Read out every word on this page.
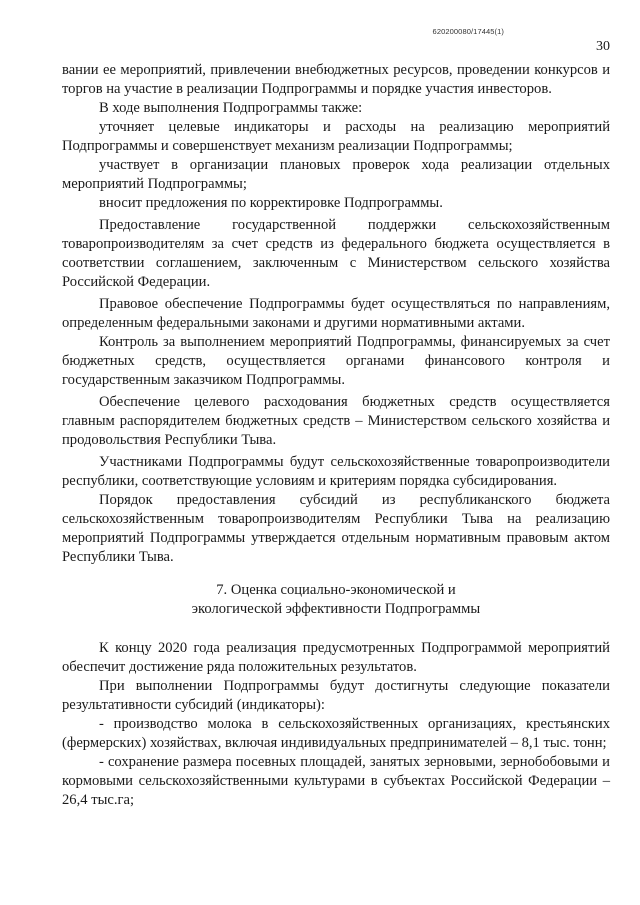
620200080/17445(1)
30

вании ее мероприятий, привлечении внебюджетных ресурсов, проведении конкурсов и торгов на участие в реализации Подпрограммы и порядке участия инвесторов.

В ходе выполнения Подпрограммы также:

уточняет целевые индикаторы и расходы на реализацию мероприятий Подпрограммы и совершенствует механизм реализации Подпрограммы;

участвует в организации плановых проверок хода реализации отдельных мероприятий Подпрограммы;

вносит предложения по корректировке Подпрограммы.

Предоставление государственной поддержки сельскохозяйственным товаропроизводителям за счет средств из федерального бюджета осуществляется в соответствии соглашением, заключенным с Министерством сельского хозяйства Российской Федерации.

Правовое обеспечение Подпрограммы будет осуществляться по направлениям, определенным федеральными законами и другими нормативными актами.

Контроль за выполнением мероприятий Подпрограммы, финансируемых за счет бюджетных средств, осуществляется органами финансового контроля и государственным заказчиком Подпрограммы.

Обеспечение целевого расходования бюджетных средств осуществляется главным распорядителем бюджетных средств – Министерством сельского хозяйства и продовольствия Республики Тыва.

Участниками Подпрограммы будут сельскохозяйственные товаропроизводители республики, соответствующие условиям и критериям порядка субсидирования.

Порядок предоставления субсидий из республиканского бюджета сельскохозяйственным товаропроизводителям Республики Тыва на реализацию мероприятий Подпрограммы утверждается отдельным нормативным правовым актом Республики Тыва.

7. Оценка социально-экономической и
экологической эффективности Подпрограммы

К концу 2020 года реализация предусмотренных Подпрограммой мероприятий обеспечит достижение ряда положительных результатов.

При выполнении Подпрограммы будут достигнуты следующие показатели результативности субсидий (индикаторы):

- производство молока в сельскохозяйственных организациях, крестьянских (фермерских) хозяйствах, включая индивидуальных предпринимателей – 8,1 тыс. тонн;

- сохранение размера посевных площадей, занятых зерновыми, зернобобовыми и кормовыми сельскохозяйственными культурами в субъектах Российской Федерации – 26,4 тыс.га;
